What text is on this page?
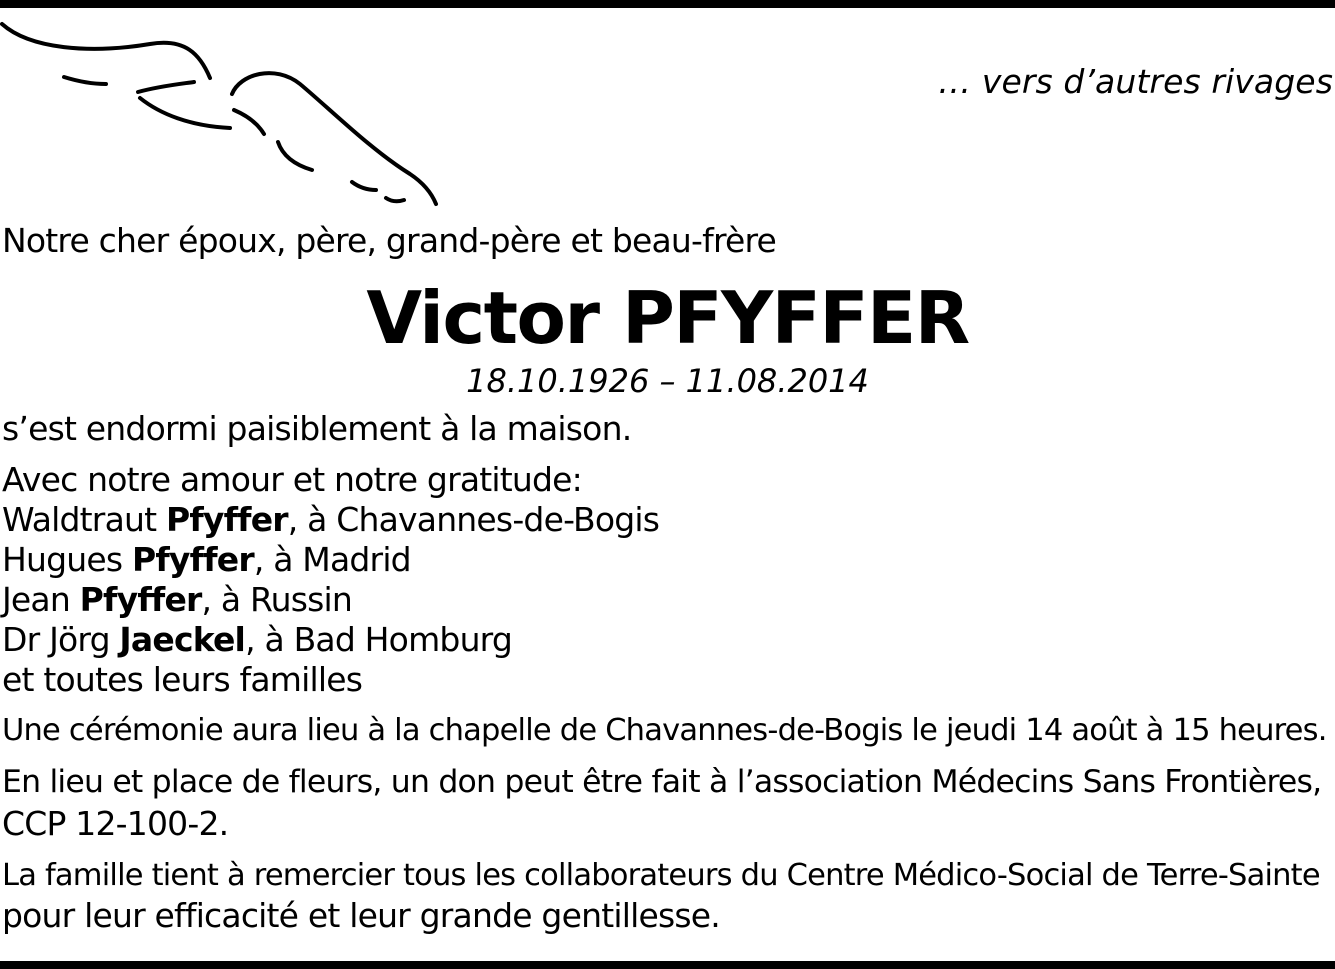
… vers d’autres rivages
Notre cher époux, père, grand-père et beau-frère
Victor PFYFFER
18.10.1926 – 11.08.2014
s’est endormi paisiblement à la maison.
Avec notre amour et notre gratitude:
Waldtraut Pfyffer, à Chavannes-de-Bogis
Hugues Pfyffer, à Madrid
Jean Pfyffer, à Russin
Dr Jörg Jaeckel, à Bad Homburg
et toutes leurs familles
Une cérémonie aura lieu à la chapelle de Chavannes-de-Bogis le jeudi 14 août à 15 heures.
En lieu et place de fleurs, un don peut être fait à l’association Médecins Sans Frontières,
CCP 12-100-2.
La famille tient à remercier tous les collaborateurs du Centre Médico-Social de Terre-Sainte
pour leur efficacité et leur grande gentillesse.
